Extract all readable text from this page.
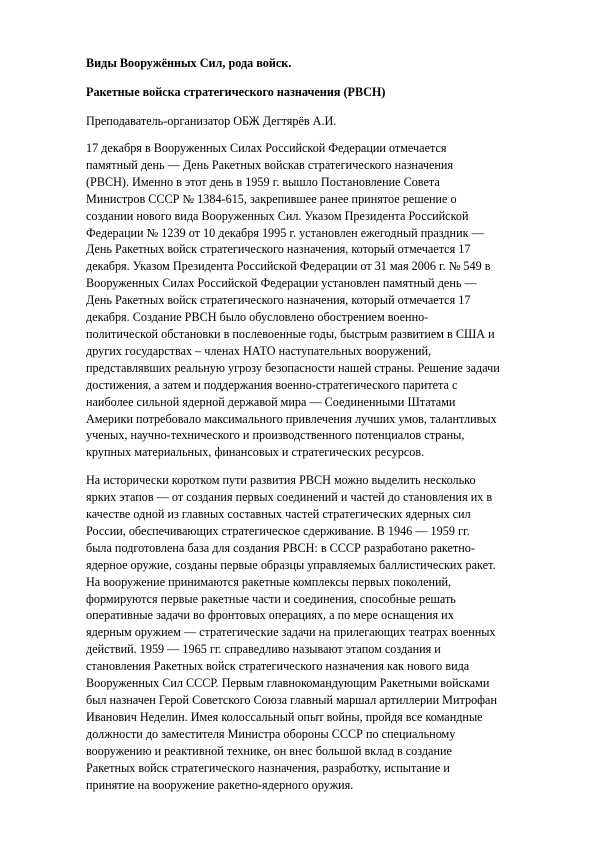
Виды Вооружённых Сил, рода войск.
Ракетные войска стратегического назначения (РВСН)
Преподаватель-организатор ОБЖ Дегтярёв А.И.
17 декабря в Вооруженных Силах Российской Федерации отмечается
памятный день — День Ракетных войскав стратегического назначения
(РВСН). Именно в этот день в 1959 г. вышло Постановление Совета
Министров СССР № 1384-615, закрепившее ранее принятое решение о
создании нового вида Вооруженных Сил. Указом Президента Российской
Федерации № 1239 от 10 декабря 1995 г. установлен ежегодный праздник —
День Ракетных войск стратегического назначения, который отмечается 17
декабря. Указом Президента Российской Федерации от 31 мая 2006 г. № 549 в
Вооруженных Силах Российской Федерации установлен памятный день —
День Ракетных войск стратегического назначения, который отмечается 17
декабря. Создание РВСН было обусловлено обострением военно-
политической обстановки в послевоенные годы, быстрым развитием в США и
других государствах – членах НАТО наступательных вооружений,
представлявших реальную угрозу безопасности нашей страны. Решение задачи
достижения, а затем и поддержания военно-стратегического паритета с
наиболее сильной ядерной державой мира — Соединенными Штатами
Америки потребовало максимального привлечения лучших умов, талантливых
ученых, научно-технического и производственного потенциалов страны,
крупных материальных, финансовых и стратегических ресурсов.
На исторически коротком пути развития РВСН можно выделить несколько
ярких этапов — от создания первых соединений и частей до становления их в
качестве одной из главных составных частей стратегических ядерных сил
России, обеспечивающих стратегическое сдерживание. В 1946 — 1959 гг.
была подготовлена база для создания РВСН: в СССР разработано ракетно-
ядерное оружие, созданы первые образцы управляемых баллистических ракет.
На вооружение принимаются ракетные комплексы первых поколений,
формируются первые ракетные части и соединения, способные решать
оперативные задачи во фронтовых операциях, а по мере оснащения их
ядерным оружием — стратегические задачи на прилегающих театрах военных
действий. 1959 — 1965 гг. справедливо называют этапом создания и
становления Ракетных войск стратегического назначения как нового вида
Вооруженных Сил СССР. Первым главнокомандующим Ракетными войсками
был назначен Герой Советского Союза главный маршал артиллерии Митрофан
Иванович Неделин. Имея колоссальный опыт войны, пройдя все командные
должности до заместителя Министра обороны СССР по специальному
вооружению и реактивной технике, он внес большой вклад в создание
Ракетных войск стратегического назначения, разработку, испытание и
принятие на вооружение ракетно-ядерного оружия.
